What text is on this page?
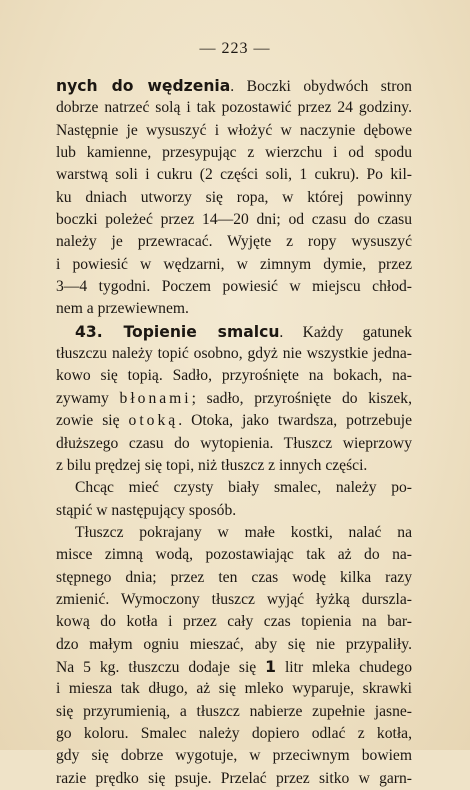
— 223 —
nych do wędzenia. Boczki obydwóch stron
dobrze natrzeć solą i tak pozostawić przez 24 godziny.
Następnie je wysuszyć i włożyć w naczynie dębowe
lub kamienne, przesypując z wierzchu i od spodu
warstwą soli i cukru (2 części soli, 1 cukru). Po kil-
ku dniach utworzy się ropa, w której powinny
boczki poleżeć przez 14—20 dni; od czasu do czasu
należy je przewracać. Wyjęte z ropy wysuszyć
i powiesić w wędzarni, w zimnym dymie, przez
3—4 tygodni. Poczem powiesić w miejscu chłod-
nem a przewiewnem.
43. Topienie smalcu. Każdy gatunek
tłuszczu należy topić osobno, gdyż nie wszystkie jedna-
kowo się topią. Sadło, przyrośnięte na bokach, na-
zywamy błonami; sadło, przyrośnięte do kiszek,
zowie się otoką. Otoka, jako twardsza, potrzebuje
dłuższego czasu do wytopienia. Tłuszcz wieprzowy
z bilu prędzej się topi, niż tłuszcz z innych części.
Chcąc mieć czysty biały smalec, należy po-
stąpić w następujący sposób.
Tłuszcz pokrajany w małe kostki, nalać na
misce zimną wodą, pozostawiając tak aż do na-
stępnego dnia; przez ten czas wodę kilka razy
zmienić. Wymoczony tłuszcz wyjąć łyżką durszla-
kową do kotła i przez cały czas topienia na bar-
dzo małym ogniu mieszać, aby się nie przypaliły.
Na 5 kg. tłuszczu dodaje się 1 litr mleka chudego
i miesza tak długo, aż się mleko wyparuje, skrawki
się przyrumienią, a tłuszcz nabierze zupełnie jasne-
go koloru. Smalec należy dopiero odlać z kotła,
gdy się dobrze wygotuje, w przeciwnym bowiem
razie prędko się psuje. Przelać przez sitko w garn-
